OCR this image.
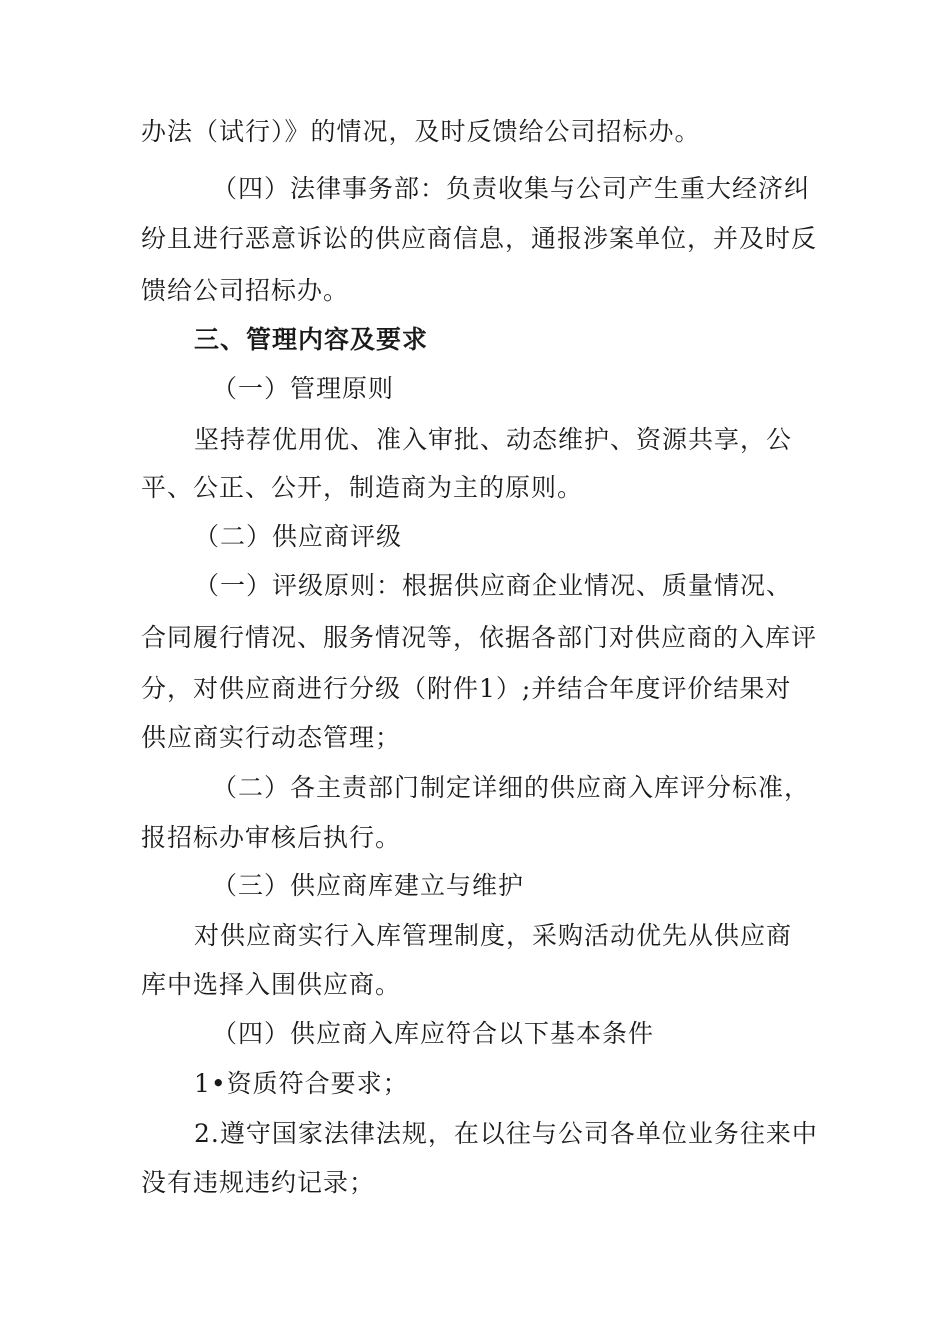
办法（试行）》的情况，及时反馈给公司招标办。
（四）法律事务部：负责收集与公司产生重大经济纠
纷且进行恶意诉讼的供应商信息，通报涉案单位，并及时反
馈给公司招标办。
三、管理内容及要求
（一）管理原则
坚持荐优用优、准入审批、动态维护、资源共享，公
平、公正、公开，制造商为主的原则。
（二）供应商评级
（一）评级原则：根据供应商企业情况、质量情况、
合同履行情况、服务情况等，依据各部门对供应商的入库评
分，对供应商进行分级（附件1）;并结合年度评价结果对
供应商实行动态管理；
（二）各主责部门制定详细的供应商入库评分标准，
报招标办审核后执行。
（三）供应商库建立与维护
对供应商实行入库管理制度，采购活动优先从供应商
库中选择入围供应商。
（四）供应商入库应符合以下基本条件
1•资质符合要求；
2.遵守国家法律法规，在以往与公司各单位业务往来中
没有违规违约记录；
